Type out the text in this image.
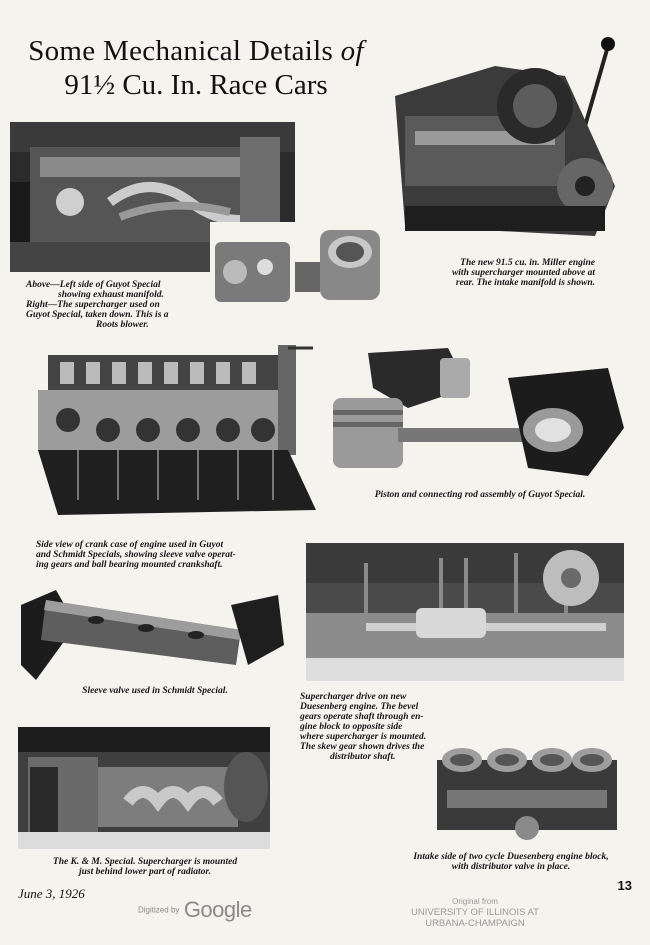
Some Mechanical Details of
91½ Cu. In. Race Cars
Above—Left side of Guyot Special
showing exhaust manifold.
Right—The supercharger used on
Guyot Special, taken down. This is a
Roots blower.
The new 91.5 cu. in. Miller engine
with supercharger mounted above at
rear. The intake manifold is shown.
Side view of crank case of engine used in Guyot
and Schmidt Specials, showing sleeve valve operat-
ing gears and ball bearing mounted crankshaft.
Piston and connecting rod assembly of Guyot Special.
Sleeve valve used in Schmidt Special.
Supercharger drive on new
Duesenberg engine. The bevel
gears operate shaft through en-
gine block to opposite side
where supercharger is mounted.
The skew gear shown drives the
distributor shaft.
The K. & M. Special. Supercharger is mounted
just behind lower part of radiator.
Intake side of two cycle Duesenberg engine block,
with distributor valve in place.
June 3, 1926
13
Digitized by Google	Original from
UNIVERSITY OF ILLINOIS AT
URBANA-CHAMPAIGN
